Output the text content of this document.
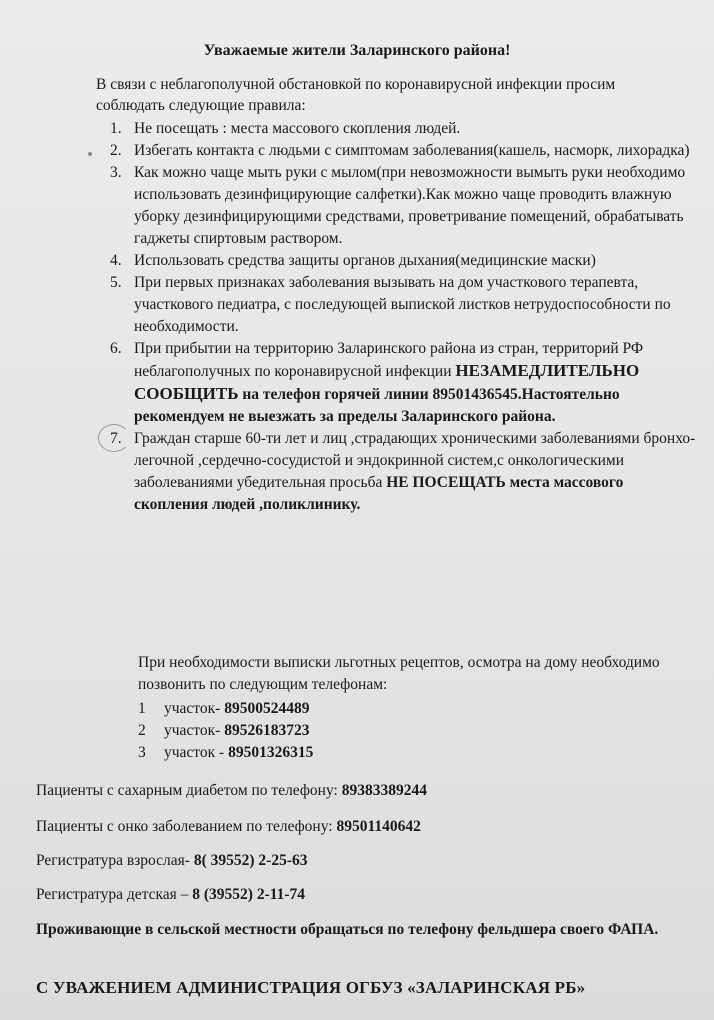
Уважаемые жители Заларинского района!
В связи с неблагополучной обстановкой по коронавирусной инфекции просим соблюдать следующие правила:
1. Не посещать : места массового скопления людей.
2. Избегать контакта с людьми с симптомам заболевания(кашель, насморк, лихорадка)
3. Как можно чаще мыть руки с мылом(при невозможности вымыть руки необходимо использовать дезинфицирующие салфетки).Как можно чаще проводить влажную уборку дезинфицирующими средствами, проветривание помещений, обрабатывать гаджеты спиртовым раствором.
4. Использовать средства защиты органов дыхания(медицинские маски)
5. При первых признаках заболевания вызывать на дом участкового терапевта, участкового педиатра, с последующей выпиской листков нетрудоспособности по необходимости.
6. При прибытии на территорию Заларинского района из стран, территорий РФ неблагополучных по коронавирусной инфекции НЕЗАМЕДЛИТЕЛЬНО СООБЩИТЬ на телефон горячей линии 89501436545.Настоятельно рекомендуем не выезжать за пределы Заларинского района.
7. Граждан старше 60-ти лет и лиц ,страдающих хроническими заболеваниями бронхо-легочной ,сердечно-сосудистой и эндокринной систем,с онкологическими заболеваниями убедительная просьба НЕ ПОСЕЩАТЬ места массового скопления людей ,поликлинику.
При необходимости выписки льготных рецептов, осмотра на дому необходимо позвонить по следующим телефонам:
1 участок- 89500524489
2 участок- 89526183723
3 участок - 89501326315
Пациенты с сахарным диабетом по телефону: 89383389244
Пациенты с онко заболеванием по телефону: 89501140642
Регистратура взрослая- 8( 39552) 2-25-63
Регистратура детская – 8 (39552) 2-11-74
Проживающие в сельской местности обращаться по телефону фельдшера своего ФАПА.
С УВАЖЕНИЕМ АДМИНИСТРАЦИЯ ОГБУЗ «ЗАЛАРИНСКАЯ РБ»
